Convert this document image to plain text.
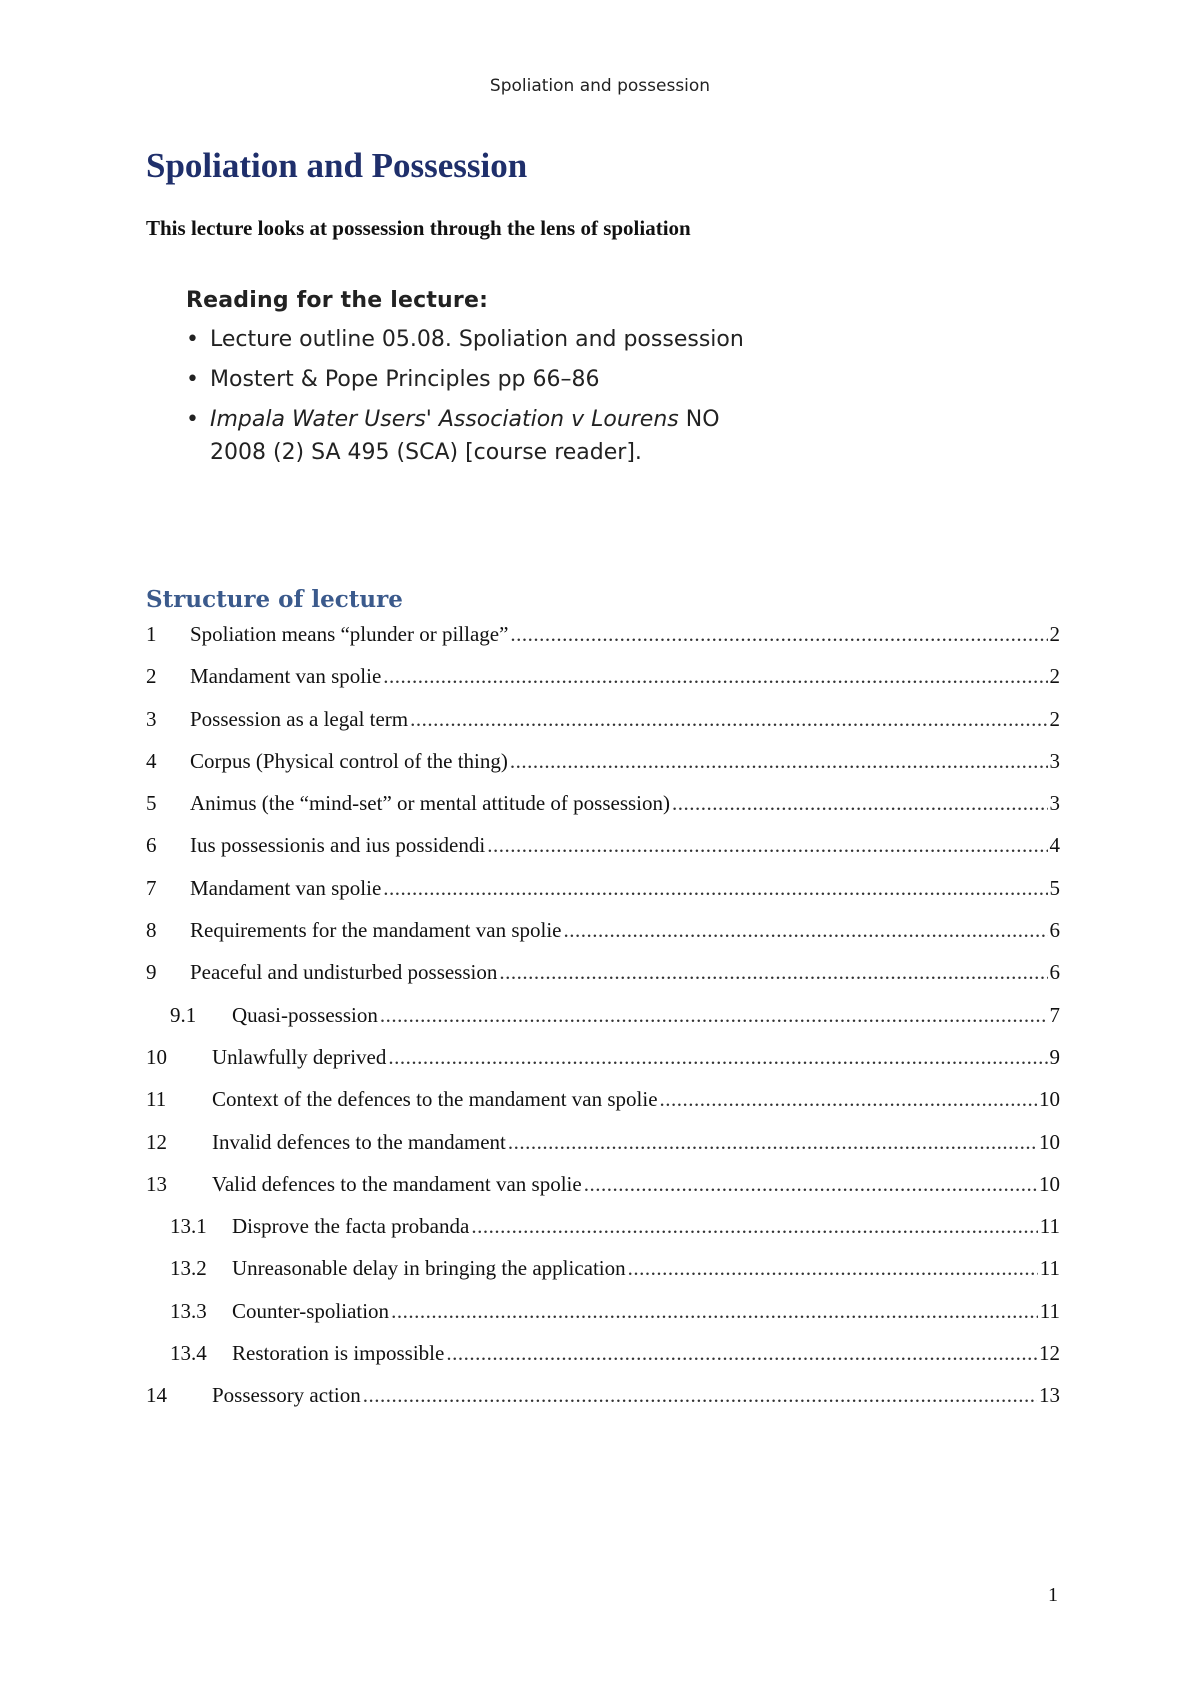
Spoliation and possession
Spoliation and Possession

This lecture looks at possession through the lens of spoliation

Reading for the lecture:

• Lecture outline 05.08. Spoliation and possession
• Mostert & Pope Principles pp 66–86
• Impala Water Users' Association v Lourens NO 2008 (2) SA 495 (SCA) [course reader].
Structure of lecture
1	Spoliation means “plunder or pillage” .....	2
2	Mandament van spolie .....	2
3	Possession as a legal term .....	2
4	Corpus (Physical control of the thing) .....	3
5	Animus (the “mind-set” or mental attitude of possession) .....	3
6	Ius possessionis and ius possidendi .....	4
7	Mandament van spolie .....	5
8	Requirements for the mandament van spolie .....	6
9	Peaceful and undisturbed possession .....	6
9.1	Quasi-possession .....	7
10	Unlawfully deprived .....	9
11	Context of the defences to the mandament van spolie .....	10
12	Invalid defences to the mandament .....	10
13	Valid defences to the mandament van spolie .....	10
13.1	Disprove the facta probanda .....	11
13.2	Unreasonable delay in bringing the application .....	11
13.3	Counter-spoliation .....	11
13.4	Restoration is impossible .....	12
14	Possessory action .....	13
1
